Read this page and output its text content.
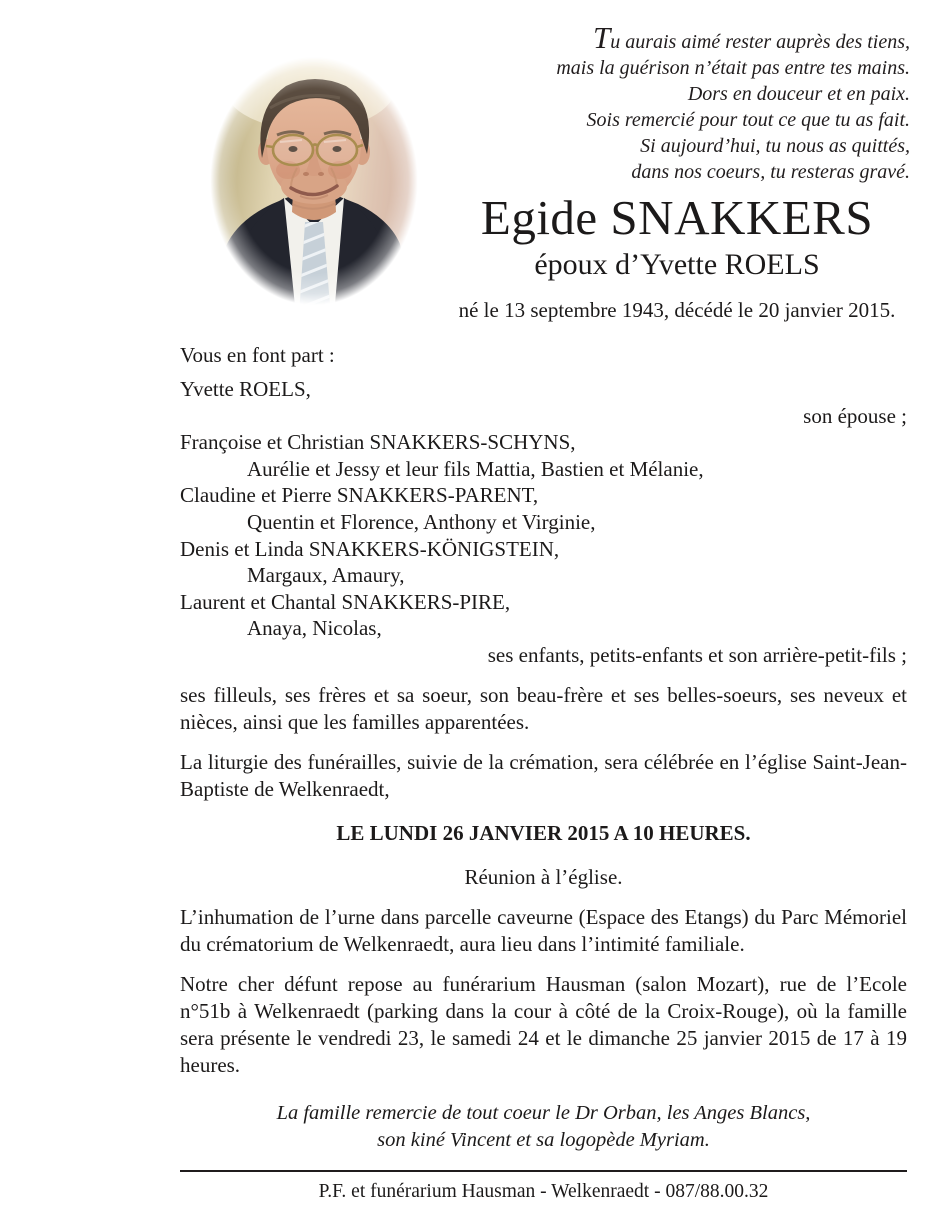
Tu aurais aimé rester auprès des tiens,
mais la guérison n’était pas entre tes mains.
Dors en douceur et en paix.
Sois remercié pour tout ce que tu as fait.
Si aujourd’hui, tu nous as quittés,
dans nos coeurs, tu resteras gravé.
Egide SNAKKERS
époux d’Yvette ROELS
né le 13 septembre 1943, décédé le 20 janvier 2015.
Vous en font part :
Yvette ROELS,
son épouse ;
Françoise et Christian SNAKKERS-SCHYNS,
Aurélie et Jessy et leur fils Mattia, Bastien et Mélanie,
Claudine et Pierre SNAKKERS-PARENT,
Quentin et Florence, Anthony et Virginie,
Denis et Linda SNAKKERS-KÖNIGSTEIN,
Margaux, Amaury,
Laurent et Chantal SNAKKERS-PIRE,
Anaya, Nicolas,
ses enfants, petits-enfants et son arrière-petit-fils ;

ses filleuls, ses frères et sa soeur, son beau-frère et ses belles-soeurs, ses neveux et nièces, ainsi que les familles apparentées.

La liturgie des funérailles, suivie de la crémation, sera célébrée en l’église Saint-Jean-Baptiste de Welkenraedt,

LE LUNDI 26 JANVIER 2015 A 10 HEURES.

Réunion à l’église.

L’inhumation de l’urne dans parcelle caveurne (Espace des Etangs) du Parc Mémoriel du crématorium de Welkenraedt, aura lieu dans l’intimité familiale.

Notre cher défunt repose au funérarium Hausman (salon Mozart), rue de l’Ecole n°51b à Welkenraedt (parking dans la cour à côté de la Croix-Rouge), où la famille sera présente le vendredi 23, le samedi 24 et le dimanche 25 janvier 2015 de 17 à 19 heures.

La famille remercie de tout coeur le Dr Orban, les Anges Blancs,
son kiné Vincent et sa logopède Myriam.
P.F. et funérarium Hausman - Welkenraedt - 087/88.00.32
